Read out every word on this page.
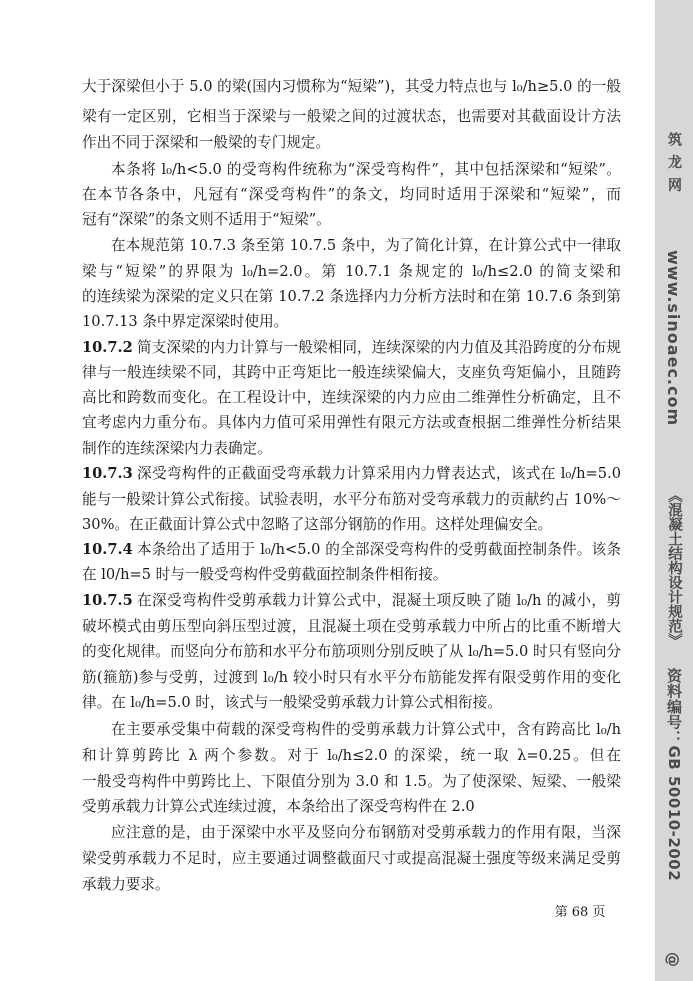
大于深梁但小于 5.0 的梁(国内习惯称为“短梁”)，其受力特点也与 l₀/h≥5.0 的一般
梁有一定区别，它相当于深梁与一般梁之间的过渡状态，也需要对其截面设计方法
作出不同于深梁和一般梁的专门规定。
本条将 l₀/h<5.0 的受弯构件统称为“深受弯构件”，其中包括深梁和“短梁”。
在本节各条中，凡冠有“深受弯构件”的条文，均同时适用于深梁和“短梁”，而
冠有“深梁”的条文则不适用于“短梁”。
在本规范第 10.7.3 条至第 10.7.5 条中，为了简化计算，在计算公式中一律取
梁与“短梁”的界限为 l₀/h=2.0。第 10.7.1 条规定的 l₀/h≤2.0 的简支梁和
的连续梁为深梁的定义只在第 10.7.2 条选择内力分析方法时和在第 10.7.6 条到第
10.7.13 条中界定深梁时使用。
10.7.2 简支深梁的内力计算与一般梁相同，连续深梁的内力值及其沿跨度的分布规
律与一般连续梁不同，其跨中正弯矩比一般连续梁偏大，支座负弯矩偏小，且随跨
高比和跨数而变化。在工程设计中，连续深梁的内力应由二维弹性分析确定，且不
宜考虑内力重分布。具体内力值可采用弹性有限元方法或查根据二维弹性分析结果
制作的连续深梁内力表确定。
10.7.3 深受弯构件的正截面受弯承载力计算采用内力臂表达式，该式在 l₀/h=5.0
能与一般梁计算公式衔接。试验表明，水平分布筋对受弯承载力的贡献约占 10%～
30%。在正截面计算公式中忽略了这部分钢筋的作用。这样处理偏安全。
10.7.4 本条给出了适用于 l₀/h<5.0 的全部深受弯构件的受剪截面控制条件。该条
在 l0/h=5 时与一般受弯构件受剪截面控制条件相衔接。
10.7.5 在深受弯构件受剪承载力计算公式中，混凝土项反映了随 l₀/h 的减小，剪
破坏模式由剪压型向斜压型过渡，且混凝土项在受剪承载力中所占的比重不断增大
的变化规律。而竖向分布筋和水平分布筋项则分别反映了从 l₀/h=5.0 时只有竖向分
筋(箍筋)参与受剪，过渡到 l₀/h 较小时只有水平分布筋能发挥有限受剪作用的变化
律。在 l₀/h=5.0 时，该式与一般梁受剪承载力计算公式相衔接。
在主要承受集中荷载的深受弯构件的受剪承载力计算公式中，含有跨高比 l₀/h
和计算剪跨比 λ 两个参数。对于 l₀/h≤2.0 的深梁，统一取 λ=0.25。但在
一般受弯构件中剪跨比上、下限值分别为 3.0 和 1.5。为了使深梁、短梁、一般梁
受剪承载力计算公式连续过渡，本条给出了深受弯构件在 2.0
应注意的是，由于深梁中水平及竖向分布钢筋对受剪承载力的作用有限，当深
梁受剪承载力不足时，应主要通过调整截面尺寸或提高混凝土强度等级来满足受剪
承载力要求。
第 68 页
筑 龙 网
www.sinoaec.com
《混凝土结构设计规范》
资料编号：GB 50010-2002
@
